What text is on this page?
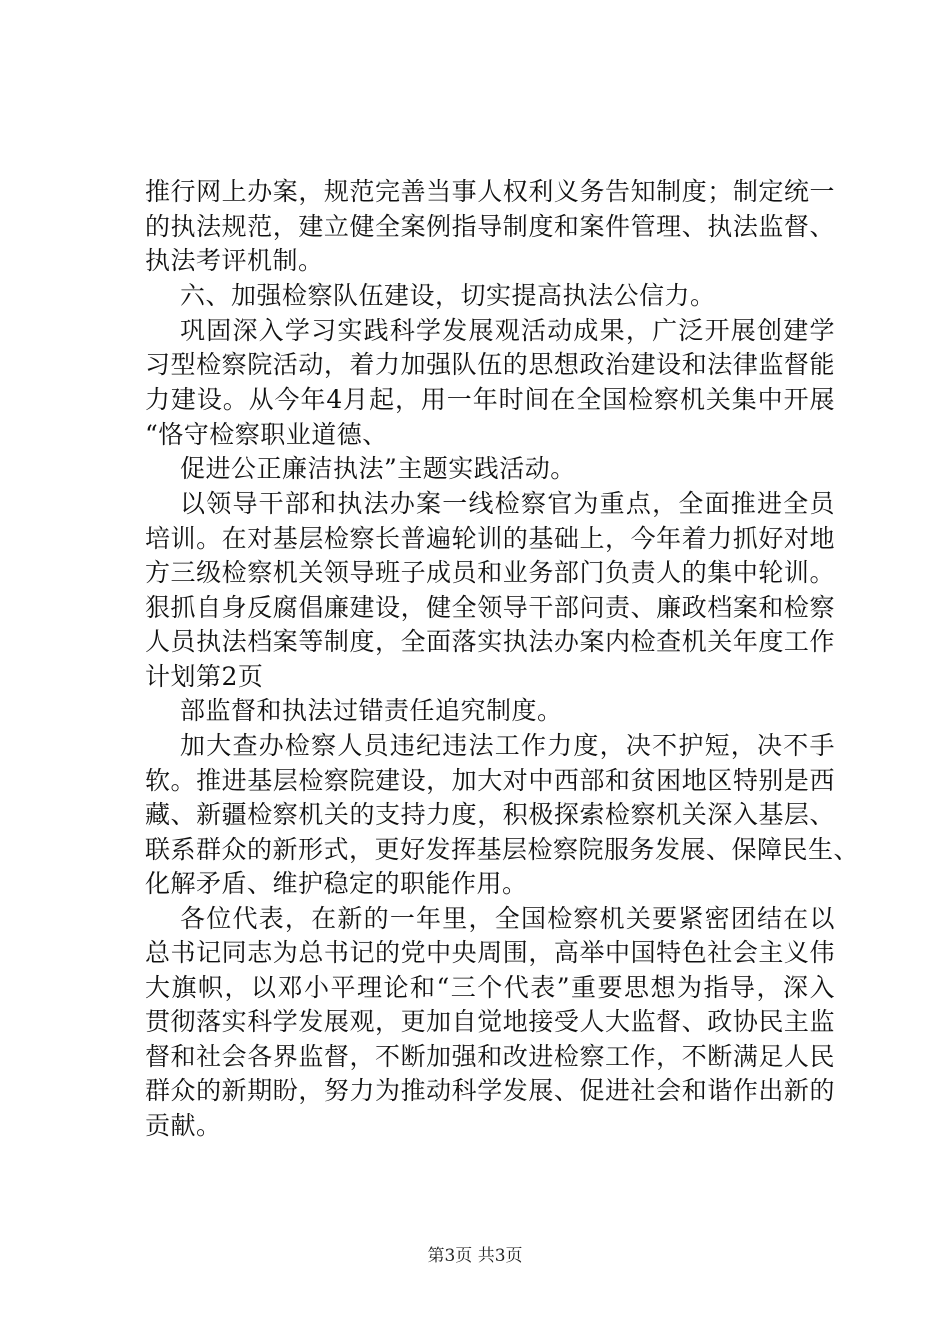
推行网上办案，规范完善当事人权利义务告知制度；制定统一
的执法规范，建立健全案例指导制度和案件管理、执法监督、
执法考评机制。
六、加强检察队伍建设，切实提高执法公信力。
巩固深入学习实践科学发展观活动成果，广泛开展创建学
习型检察院活动，着力加强队伍的思想政治建设和法律监督能
力建设。从今年4月起，用一年时间在全国检察机关集中开展
“恪守检察职业道德、
促进公正廉洁执法”主题实践活动。
以领导干部和执法办案一线检察官为重点，全面推进全员
培训。在对基层检察长普遍轮训的基础上，今年着力抓好对地
方三级检察机关领导班子成员和业务部门负责人的集中轮训。
狠抓自身反腐倡廉建设，健全领导干部问责、廉政档案和检察
人员执法档案等制度，全面落实执法办案内检查机关年度工作
计划第2页
部监督和执法过错责任追究制度。
加大查办检察人员违纪违法工作力度，决不护短，决不手
软。推进基层检察院建设，加大对中西部和贫困地区特别是西
藏、新疆检察机关的支持力度，积极探索检察机关深入基层、
联系群众的新形式，更好发挥基层检察院服务发展、保障民生、
化解矛盾、维护稳定的职能作用。
各位代表，在新的一年里，全国检察机关要紧密团结在以
总书记同志为总书记的党中央周围，高举中国特色社会主义伟
大旗帜，以邓小平理论和“三个代表”重要思想为指导，深入
贯彻落实科学发展观，更加自觉地接受人大监督、政协民主监
督和社会各界监督，不断加强和改进检察工作，不断满足人民
群众的新期盼，努力为推动科学发展、促进社会和谐作出新的
贡献。
第3页 共3页
